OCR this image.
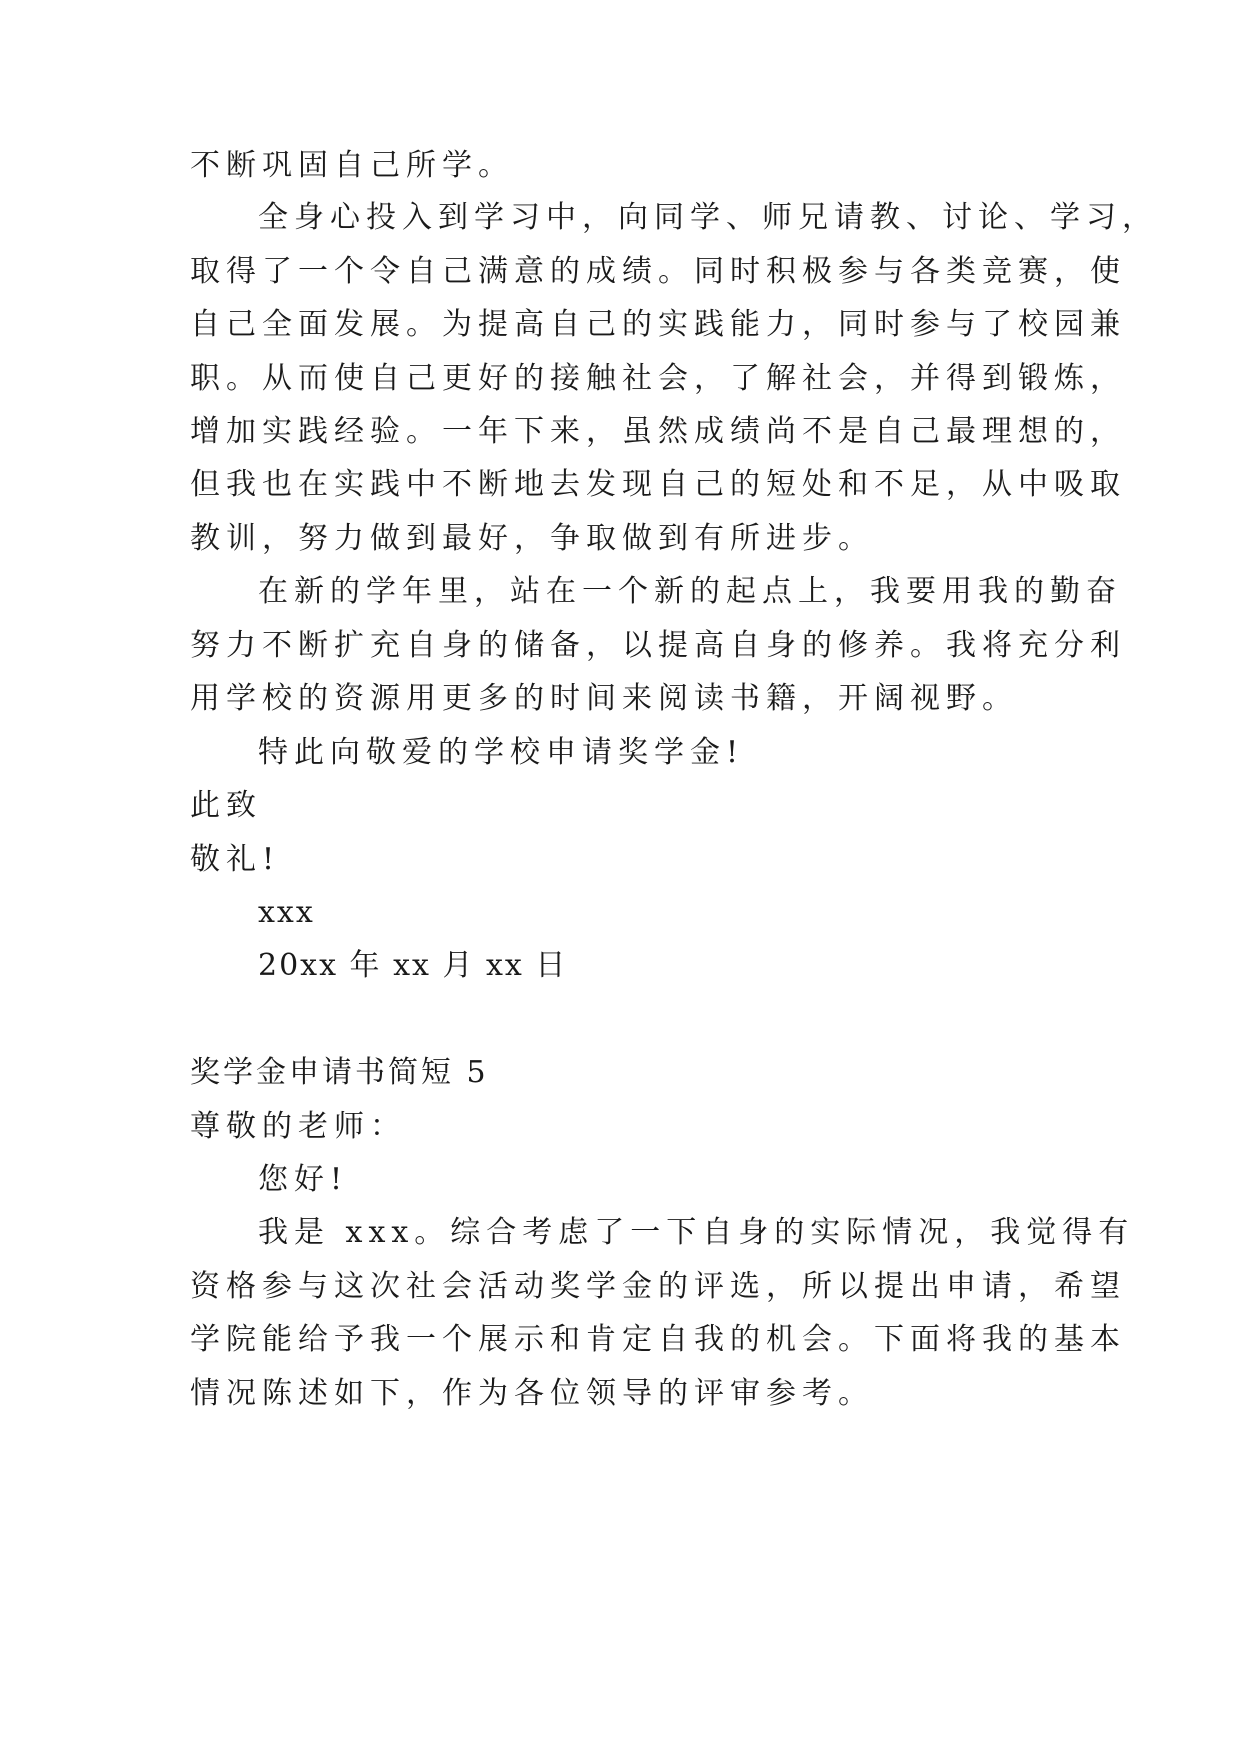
不断巩固自己所学。
全身心投入到学习中，向同学、师兄请教、讨论、学习，
取得了一个令自己满意的成绩。同时积极参与各类竞赛，使
自己全面发展。为提高自己的实践能力，同时参与了校园兼
职。从而使自己更好的接触社会，了解社会，并得到锻炼，
增加实践经验。一年下来，虽然成绩尚不是自己最理想的，
但我也在实践中不断地去发现自己的短处和不足，从中吸取
教训，努力做到最好，争取做到有所进步。
在新的学年里，站在一个新的起点上，我要用我的勤奋
努力不断扩充自身的储备，以提高自身的修养。我将充分利
用学校的资源用更多的时间来阅读书籍，开阔视野。
特此向敬爱的学校申请奖学金!
此致
敬礼!
xxx
20xx 年 xx 月 xx 日
奖学金申请书简短 5
尊敬的老师：
您好!
我是 xxx。综合考虑了一下自身的实际情况，我觉得有
资格参与这次社会活动奖学金的评选，所以提出申请，希望
学院能给予我一个展示和肯定自我的机会。下面将我的基本
情况陈述如下，作为各位领导的评审参考。
